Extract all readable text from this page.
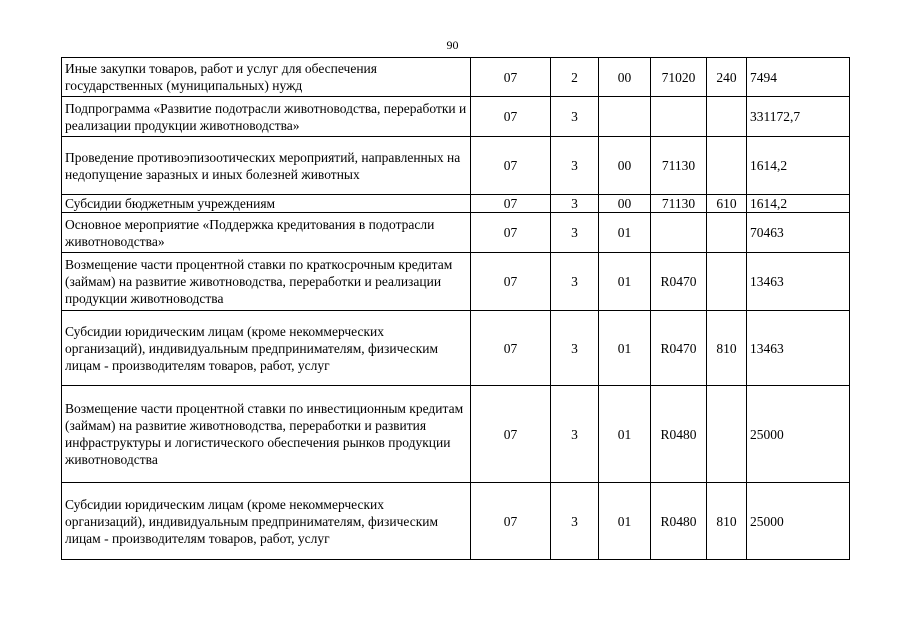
90
Иные закупки товаров, работ и услуг для обеспечения государственных (муниципальных) нужд	07	2	00	71020	240	7494
Подпрограмма «Развитие подотрасли животноводства, переработки и реализации продукции животноводства»	07	3				331172,7
Проведение противоэпизоотических мероприятий, направленных на недопущение заразных и иных болезней животных	07	3	00	71130		1614,2
Субсидии бюджетным учреждениям	07	3	00	71130	610	1614,2
Основное мероприятие «Поддержка кредитования в подотрасли животноводства»	07	3	01			70463
Возмещение части процентной ставки по краткосрочным кредитам (займам) на развитие животноводства, переработки и реализации продукции животноводства	07	3	01	R0470		13463
Субсидии юридическим лицам (кроме некоммерческих организаций), индивидуальным предпринимателям, физическим лицам - производителям товаров, работ, услуг	07	3	01	R0470	810	13463
Возмещение части процентной ставки по инвестиционным кредитам (займам) на развитие животноводства, переработки и развития инфраструктуры и логистического обеспечения рынков продукции животноводства	07	3	01	R0480		25000
Субсидии юридическим лицам (кроме некоммерческих организаций), индивидуальным предпринимателям, физическим лицам - производителям товаров, работ, услуг	07	3	01	R0480	810	25000
